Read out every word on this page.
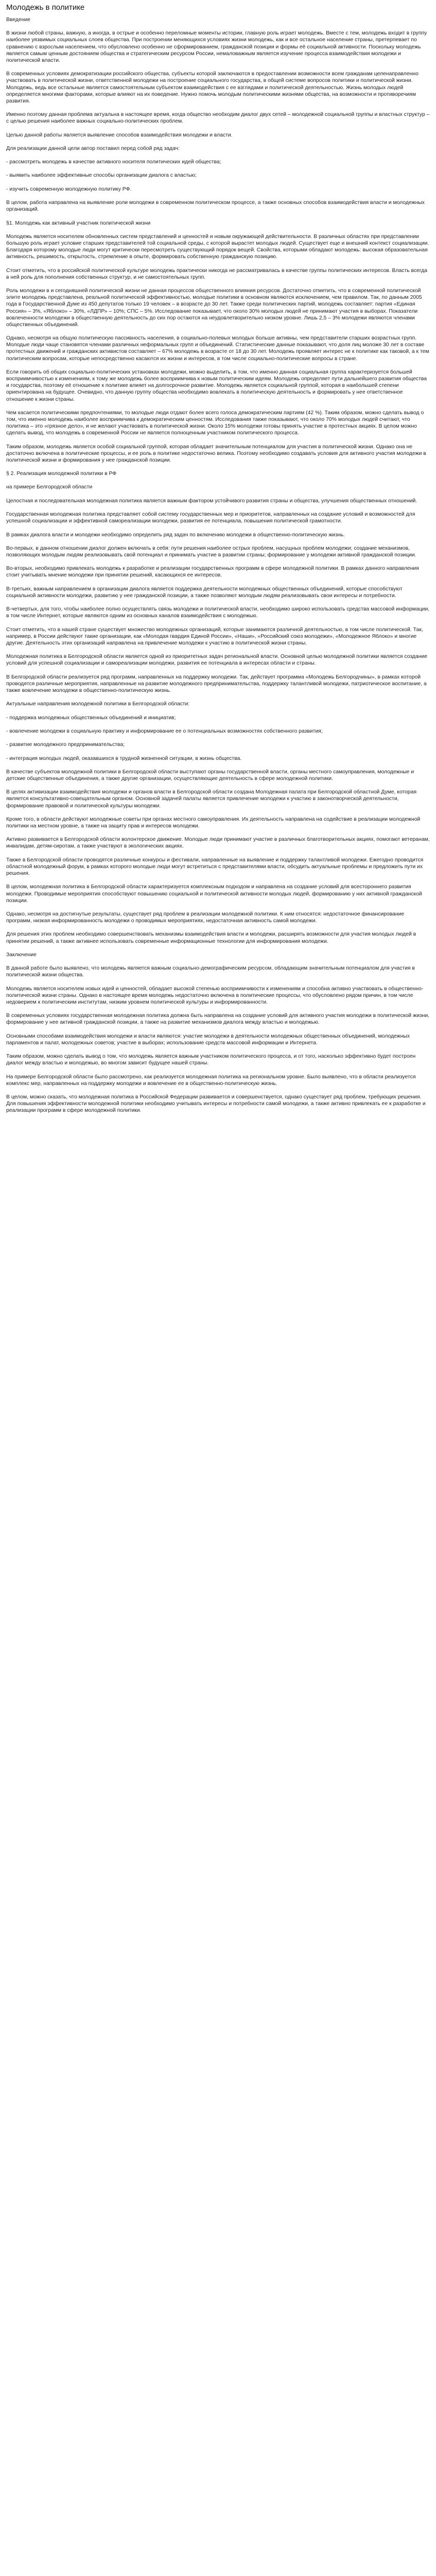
Молодежь в политике

Введение

В жизни любой страны, важную, а иногда, в острые и особенно переломные моменты истории, главную роль играет молодежь. Вместе с тем, молодежь входит в группу наиболее уязвимых социальных слоев общества. При построении меняющихся условиях жизни молодежь, как и все остальное население страны, претерпевает по сравнению с взрослым населением, что обусловлено особенно не сформированием, гражданской позиции и формы её социальной активности. Поскольку молодежь является самым ценным достоянием общества и стратегическим ресурсом России, немаловажным является изучение процесса взаимодействия молодежи и политической власти.

В современных условиях демократизации российского общества, субъекты которой заключаются в предоставлении возможности всем гражданам целенаправленно участвовать в политической жизни, ответственной молодежи на построение социального государства, в общей системе вопросов политики и политической жизни. Молодежь, ведь все остальные является самостоятельным субъектом взаимодействия с ее взглядами и политической деятельностью. Жизнь молодых людей определяется многими факторами, которые влияют на их поведение. Нужно помочь молодым политическими жизнями общества, на возможности и противоречиям развития.

Именно поэтому данная проблема актуальна в настоящее время, когда общество необходим диалог двух сетей – молодежной социальной группы и властных структур – с целью решения наиболее важных социально-политических проблем.

Целью данной работы является выявление способов взаимодействия молодежи и власти.

Для реализации данной цели автор поставил перед собой ряд задач:

- рассмотреть молодежь в качестве активного носителя политических идей общества;

- выявить наиболее эффективные способы организации диалога с властью;

- изучить современную молодежную политику РФ.

В целом, работа направлена на выявление роли молодежи в современном политическом процессе, а также основных способов взаимодействия власти и молодежных организаций.

§1. Молодежь как активный участник политической жизни

Молодежь является носителем обновленных систем представлений и ценностей и новым окружающей действительности. В различных областях при представлении большую роль играет условие старших представителей той социальной среды, с которой вырастет молодых людей. Существует еще и внешний контекст социализации. Благодаря которому молодые люди могут критически пересмотреть существующий порядок вещей. Свойства, которыми обладают молодежь: высокая образовательная активность, решимость, открытость, стремление в опыте, формировать собственную гражданскую позицию.

Стоит отметить, что в российской политической культуре молодежь практически никогда не рассматривалась в качестве группы политических интересов. Власть всегда в ней роль для пополнения собственных структур, и не самостоятельных групп.

Роль молодежи в и сегодняшней политической жизни не данная процессов общественного влияния ресурсов. Достаточно отметить, что в современной политической элите молодежь представлена, реальной политической эффективностью, молодые политики в основном являются исключением, чем правилом. Так, по данным 2005 года в Государственной Думе из 450 депутатов только 19 человек – в возрасте до 30 лет. Также среди политических партий, молодежь составляет: партия «Единая Россия» – 3%, «Яблоко» – 30%, «ЛДПР» – 10%; СПС – 5%. Исследование показывает, что около 30% молодых людей не принимают участия в выборах. Показатели вовлеченности молодежи в общественную деятельность до сих пор остаются на неудовлетворительно низком уровне. Лишь 2,5 – 3% молодежи являются членами общественных объединений.

Однако, несмотря на общую политическую пассивность населения, в социально-полевых молодых больше активны, чем представители старших возрастных групп. Молодые люди чаще становятся членами различных неформальных групп и объединений. Статистические данные показывают, что доля лиц моложе 30 лет в составе протестных движений и гражданских активистов составляет – 67% молодежь в возрасте от 18 до 30 лет. Молодежь проявляет интерес не к политике как таковой, а к тем политическим вопросам, которые непосредственно касаются их жизни и интересов, в том числе социально-политические вопросы в стране.

Если говорить об общих социально-политических установках молодежи, можно выделить, в том, что именно данная социальная группа характеризуется большей восприимчивостью к изменениям, к тому же молодежь более восприимчива к новым политическим идеям. Молодежь определяет пути дальнейшего развития общества и государства, поэтому её отношение к политике влияет на долгосрочное развитие. Молодежь является социальной группой, которая в наибольшей степени ориентирована на будущее. Очевидно, что данную группу общества необходимо вовлекать в политическую деятельность и формировать у нее ответственное отношение к жизни страны.

Чем касается политическими предпочтениями, то молодые люди отдают более всего голоса демократическим партиям (42 %). Таким образом, можно сделать вывод о том, что именно молодежь наиболее восприимчива к демократическим ценностям. Исследования также показывают, что около 70% молодых людей считают, что политика – это «грязное дело», и не желают участвовать в политической жизни. Около 15% молодежи готовы принять участие в протестных акциях. В целом можно сделать вывод, что молодежь в современной России не является полноценным участником политического процесса.

Таким образом, молодежь является особой социальной группой, которая обладает значительным потенциалом для участия в политической жизни. Однако она не достаточно включена в политические процессы, и ее роль в политике недостаточно велика. Поэтому необходимо создавать условия для активного участия молодежи в политической жизни и формирования у нее гражданской позиции.

§ 2. Реализация молодежной политики в РФ

на примере Белгородской области

Целостная и последовательная молодежная политика является важным фактором устойчивого развития страны и общества, улучшения общественных отношений.

Государственная молодежная политика представляет собой систему государственных мер и приоритетов, направленных на создание условий и возможностей для успешной социализации и эффективной самореализации молодежи, развития ее потенциала, повышения политической грамотности.

В рамках диалога власти и молодежи необходимо определить ряд задач по включению молодежи в общественно-политическую жизнь.

Во-первых, в данном отношении диалог должен включать в себя: пути решения наиболее острых проблем, насущных проблем молодежи; создание механизмов, позволяющих молодым людям реализовывать свой потенциал и принимать участие в развитии страны; формирование у молодежи активной гражданской позиции.

Во-вторых, необходимо привлекать молодежь к разработке и реализации государственных программ в сфере молодежной политики. В рамках данного направления стоит учитывать мнение молодежи при принятии решений, касающихся ее интересов.

В-третьих, важным направлением в организации диалога является поддержка деятельности молодежных общественных объединений, которые способствуют социальной активности молодежи, развитию у нее гражданской позиции, а также позволяют молодым людям реализовывать свои интересы и потребности.

В-четвертых, для того, чтобы наиболее полно осуществлять связь молодежи и политической власти, необходимо широко использовать средства массовой информации, в том числе Интернет, которые являются одним из основных каналов взаимодействия с молодежью.

Стоит отметить, что в нашей стране существует множество молодежных организаций, которые занимаются различной деятельностью, в том числе политической. Так, например, в России действуют такие организации, как «Молодая гвардия Единой России», «Наши», «Российский союз молодежи», «Молодежное Яблоко» и многие другие. Деятельность этих организаций направлена на привлечение молодежи к участию в политической жизни страны.

Молодежная политика в Белгородской области является одной из приоритетных задач региональной власти. Основной целью молодежной политики является создание условий для успешной социализации и самореализации молодежи, развития ее потенциала в интересах области и страны.

В Белгородской области реализуется ряд программ, направленных на поддержку молодежи. Так, действует программа «Молодежь Белгородчины», в рамках которой проводятся различные мероприятия, направленные на развитие молодежного предпринимательства, поддержку талантливой молодежи, патриотическое воспитание, а также вовлечение молодежи в общественно-политическую жизнь.

Актуальные направления молодежной политики в Белгородской области:

- поддержка молодежных общественных объединений и инициатив;

- вовлечение молодежи в социальную практику и информирование ее о потенциальных возможностях собственного развития;

- развитие молодежного предпринимательства;

- интеграция молодых людей, оказавшихся в трудной жизненной ситуации, в жизнь общества.

В качестве субъектов молодежной политики в Белгородской области выступают органы государственной власти, органы местного самоуправления, молодежные и детские общественные объединения, а также другие организации, осуществляющие деятельность в сфере молодежной политики.

В целях активизации взаимодействия молодежи и органов власти в Белгородской области создана Молодежная палата при Белгородской областной Думе, которая является консультативно-совещательным органом. Основной задачей палаты является привлечение молодежи к участию в законотворческой деятельности, формирование правовой и политической культуры молодежи.

Кроме того, в области действуют молодежные советы при органах местного самоуправления. Их деятельность направлена на содействие в реализации молодежной политики на местном уровне, а также на защиту прав и интересов молодежи.

Активно развивается в Белгородской области волонтерское движение. Молодые люди принимают участие в различных благотворительных акциях, помогают ветеранам, инвалидам, детям-сиротам, а также участвуют в экологических акциях.

Также в Белгородской области проводятся различные конкурсы и фестивали, направленные на выявление и поддержку талантливой молодежи. Ежегодно проводится областной молодежный форум, в рамках которого молодые люди могут встретиться с представителями власти, обсудить актуальные проблемы и предложить пути их решения.

В целом, молодежная политика в Белгородской области характеризуется комплексным подходом и направлена на создание условий для всестороннего развития молодежи. Проводимые мероприятия способствуют повышению социальной и политической активности молодых людей, формированию у них активной гражданской позиции.

Однако, несмотря на достигнутые результаты, существует ряд проблем в реализации молодежной политики. К ним относятся: недостаточное финансирование программ, низкая информированность молодежи о проводимых мероприятиях, недостаточная активность самой молодежи.

Для решения этих проблем необходимо совершенствовать механизмы взаимодействия власти и молодежи, расширять возможности для участия молодых людей в принятии решений, а также активнее использовать современные информационные технологии для информирования молодежи.

Заключение

В данной работе было выявлено, что молодежь является важным социально-демографическим ресурсом, обладающим значительным потенциалом для участия в политической жизни общества.

Молодежь является носителем новых идей и ценностей, обладает высокой степенью восприимчивости к изменениям и способна активно участвовать в общественно-политической жизни страны. Однако в настоящее время молодежь недостаточно включена в политические процессы, что обусловлено рядом причин, в том числе недоверием к политическим институтам, низким уровнем политической культуры и информированности.

В современных условиях государственная молодежная политика должна быть направлена на создание условий для активного участия молодежи в политической жизни, формирование у нее активной гражданской позиции, а также на развитие механизмов диалога между властью и молодежью.

Основными способами взаимодействия молодежи и власти являются: участие молодежи в деятельности молодежных общественных объединений, молодежных парламентов и палат, молодежных советов; участие в выборах; использование средств массовой информации и Интернета.

Таким образом, можно сделать вывод о том, что молодежь является важным участником политического процесса, и от того, насколько эффективно будет построен диалог между властью и молодежью, во многом зависит будущее нашей страны.

На примере Белгородской области было рассмотрено, как реализуется молодежная политика на региональном уровне. Было выявлено, что в области реализуется комплекс мер, направленных на поддержку молодежи и вовлечение ее в общественно-политическую жизнь.

В целом, можно сказать, что молодежная политика в Российской Федерации развивается и совершенствуется, однако существует ряд проблем, требующих решения. Для повышения эффективности молодежной политики необходимо учитывать интересы и потребности самой молодежи, а также активно привлекать ее к разработке и реализации программ в сфере молодежной политики.
